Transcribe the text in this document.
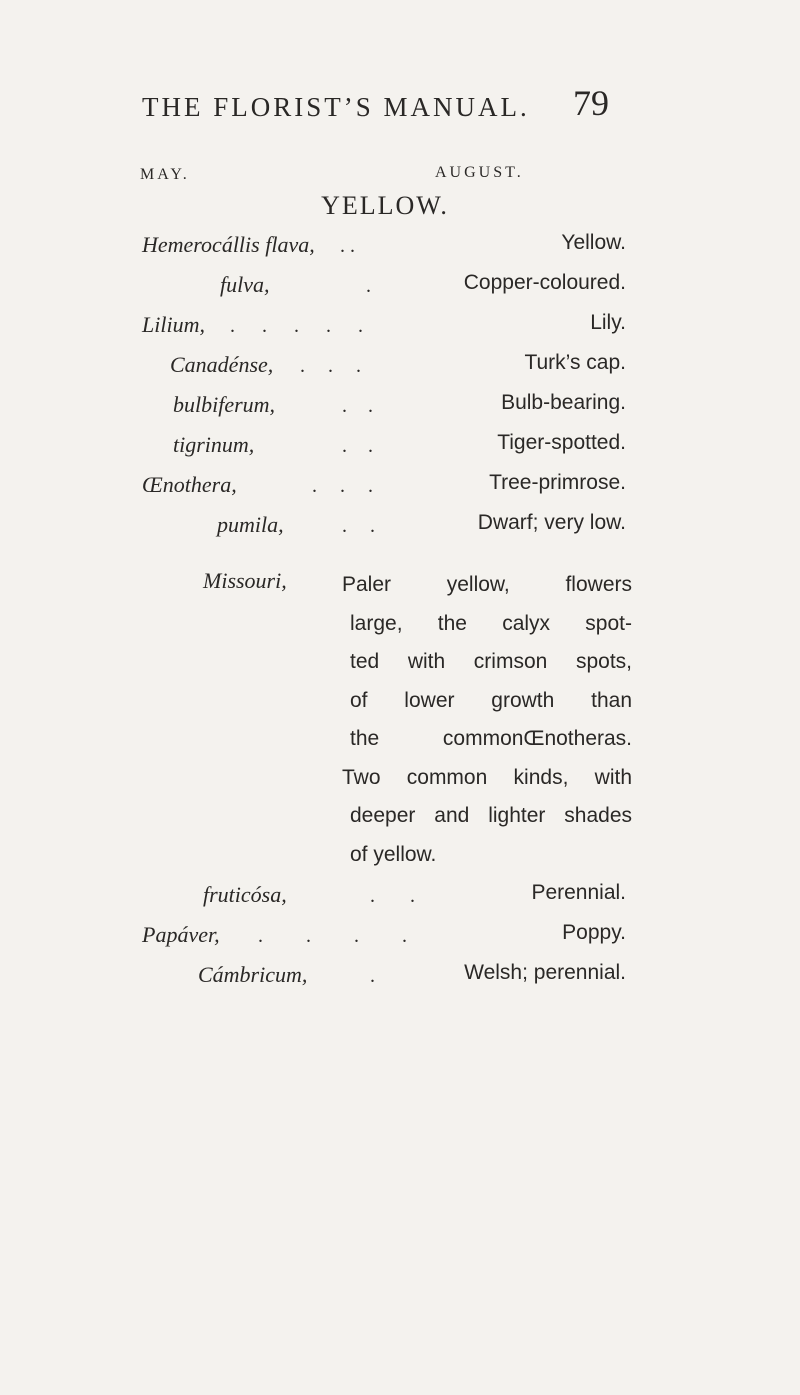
THE FLORIST’S MANUAL. 79
MAY.	AUGUST.
YELLOW.
Hemerocállis flava, . .	Yellow.
fulva,	.	Copper-coloured.
Lilium, . . . . .	Lily.
Canadénse, . . .	Turk’s cap.
bulbiferum,	. .	Bulb-bearing.
tigrinum,	. .	Tiger-spotted.
Œnothera,	. . .	Tree-primrose.
pumila,	. .	Dwarf; very low.
Missouri,	Paler yellow, flowers
large, the calyx spot-
ted with crimson spots,
of lower growth than
the commonŒnotheras.
Two common kinds, with
deeper and lighter shades
of yellow.
fruticósa,	. .	Perennial.
Papáver, . . . .	Poppy.
Cámbricum,	.	Welsh; perennial.
